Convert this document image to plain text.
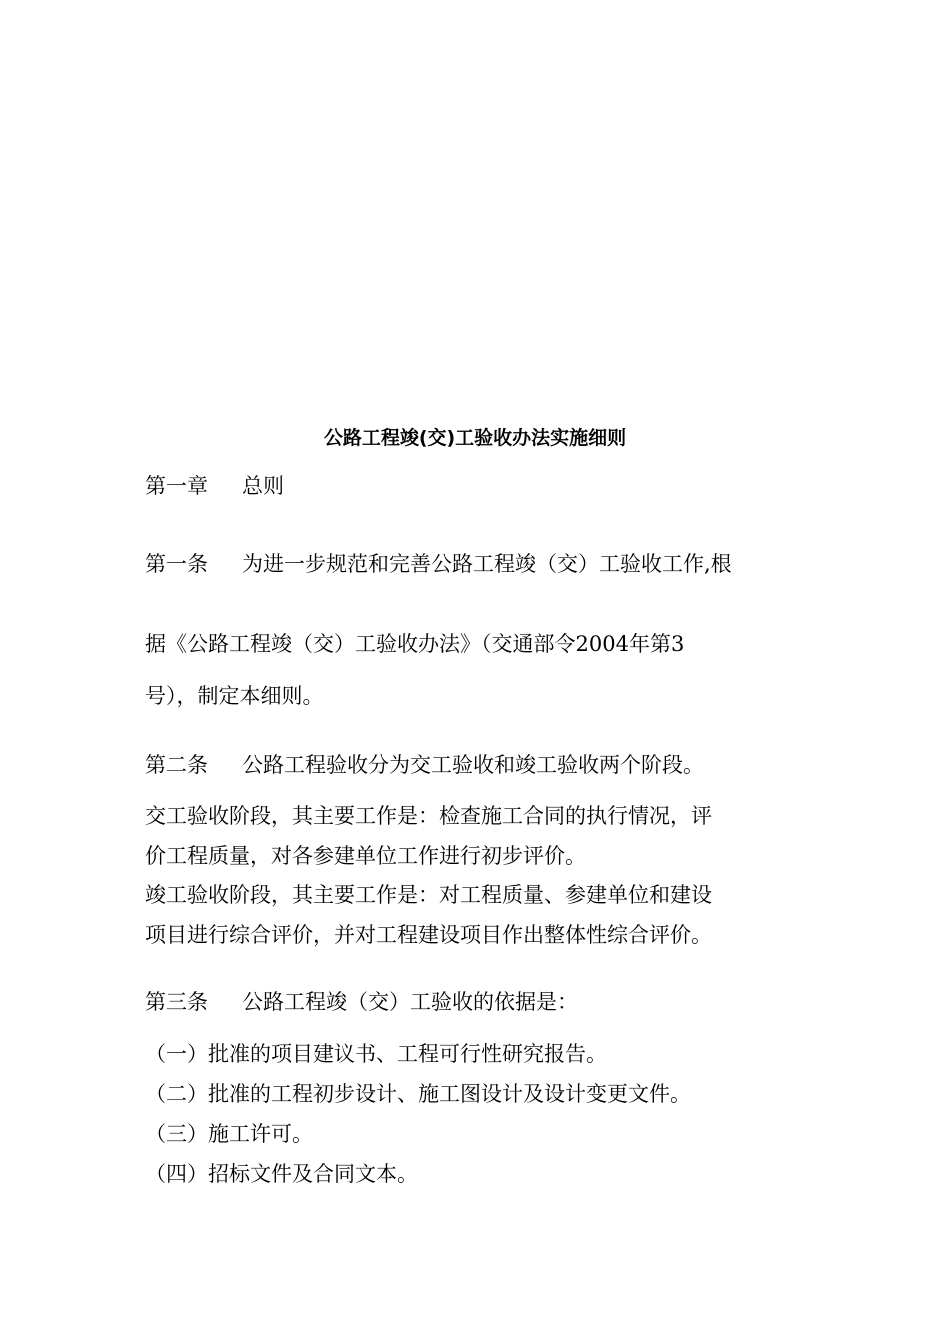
公路工程竣(交)工验收办法实施细则
第一章 总则
第一条 为进一步规范和完善公路工程竣（交）工验收工作,根
据《公路工程竣（交）工验收办法》（交通部令2004年第3
号），制定本细则。
第二条 公路工程验收分为交工验收和竣工验收两个阶段。
交工验收阶段，其主要工作是：检查施工合同的执行情况，评
价工程质量，对各参建单位工作进行初步评价。
竣工验收阶段，其主要工作是：对工程质量、参建单位和建设
项目进行综合评价，并对工程建设项目作出整体性综合评价。
第三条 公路工程竣（交）工验收的依据是：
（一）批准的项目建议书、工程可行性研究报告。
（二）批准的工程初步设计、施工图设计及设计变更文件。
（三）施工许可。
（四）招标文件及合同文本。
